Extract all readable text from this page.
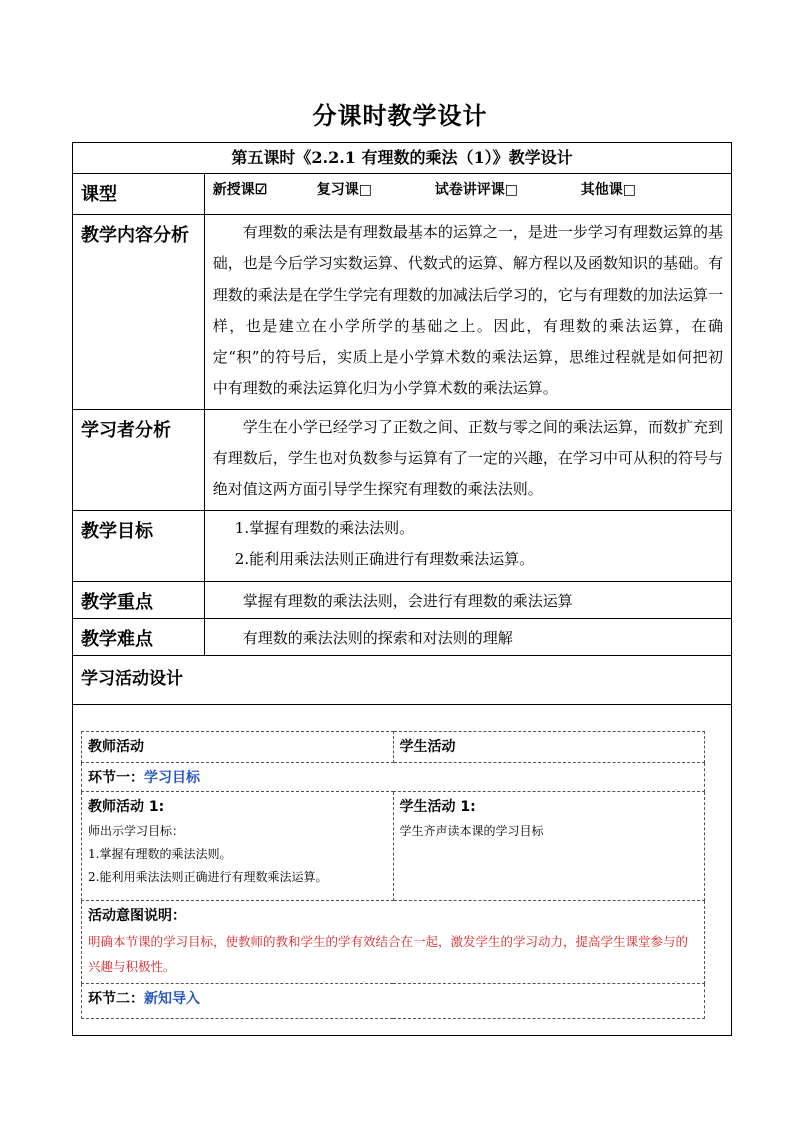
分课时教学设计
第五课时《2.2.1 有理数的乘法（1）》教学设计
课型	新授课☑	复习课□	试卷讲评课□	其他课□
教学内容分析	有理数的乘法是有理数最基本的运算之一，是进一步学习有理数运算的基础，也是今后学习实数运算、代数式的运算、解方程以及函数知识的基础。有理数的乘法是在学生学完有理数的加减法后学习的，它与有理数的加法运算一样，也是建立在小学所学的基础之上。因此，有理数的乘法运算，在确定“积”的符号后，实质上是小学算术数的乘法运算，思维过程就是如何把初中有理数的乘法运算化归为小学算术数的乘法运算。
学习者分析	学生在小学已经学习了正数之间、正数与零之间的乘法运算，而数扩充到有理数后，学生也对负数参与运算有了一定的兴趣，在学习中可从积的符号与绝对值这两方面引导学生探究有理数的乘法法则。
教学目标	1.掌握有理数的乘法法则。
2.能利用乘法法则正确进行有理数乘法运算。

教学重点	掌握有理数的乘法法则，会进行有理数的乘法运算
教学难点	有理数的乘法法则的探索和对法则的理解
学习活动设计

教师活动	学生活动
环节一：学习目标

教师活动 1:
师出示学习目标：
1.掌握有理数的乘法法则。
2.能利用乘法法则正确进行有理数乘法运算。

学生活动 1:
学生齐声读本课的学习目标

活动意图说明：
明确本节课的学习目标，使教师的教和学生的学有效结合在一起，激发学生的学习动力，提高学生课堂参与的兴趣与积极性。

环节二：新知导入
